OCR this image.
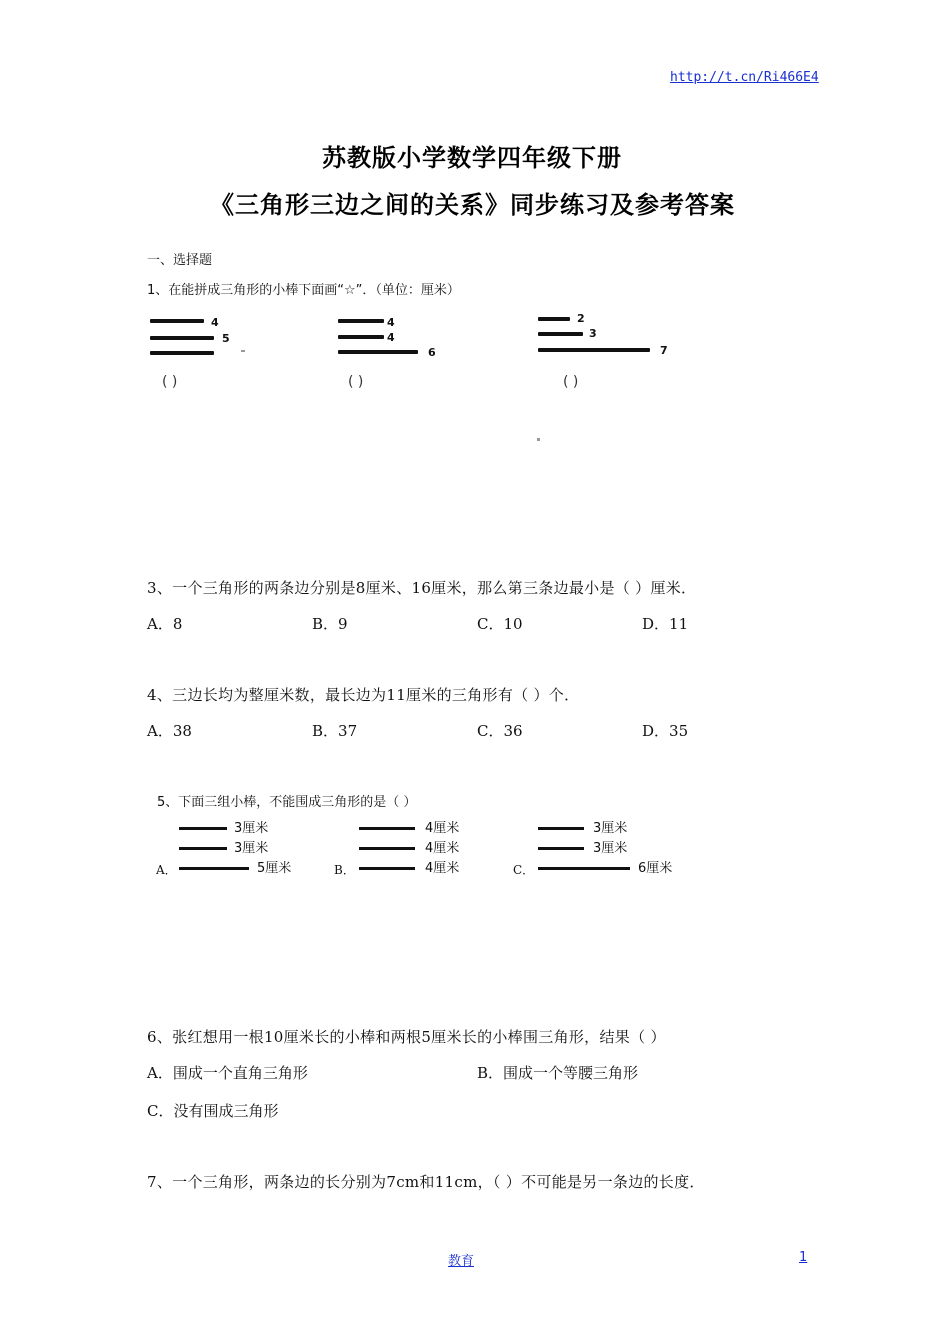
http://t.cn/Ri466E4
苏教版小学数学四年级下册
《三角形三边之间的关系》同步练习及参考答案
一、选择题
1、在能拼成三角形的小棒下面画“☆”．（单位：厘米）
4
5
( )
4
4
6
( )
2
3
7
( )
3、一个三角形的两条边分别是8厘米、16厘米，那么第三条边最小是（ ）厘米．
A．8	B．9	C．10	D．11
4、三边长均为整厘米数，最长边为11厘米的三角形有（ ）个．
A．38	B．37	C．36	D．35
5、下面三组小棒，不能围成三角形的是（ ）
3厘米
3厘米
A．	5厘米
4厘米
4厘米
B．	4厘米
3厘米
3厘米
C．	6厘米
6、张红想用一根10厘米长的小棒和两根5厘米长的小棒围三角形，结果（ ）
A．围成一个直角三角形	B．围成一个等腰三角形
C．没有围成三角形
7、一个三角形，两条边的长分别为7cm和11cm，（ ）不可能是另一条边的长度．
教育	1
